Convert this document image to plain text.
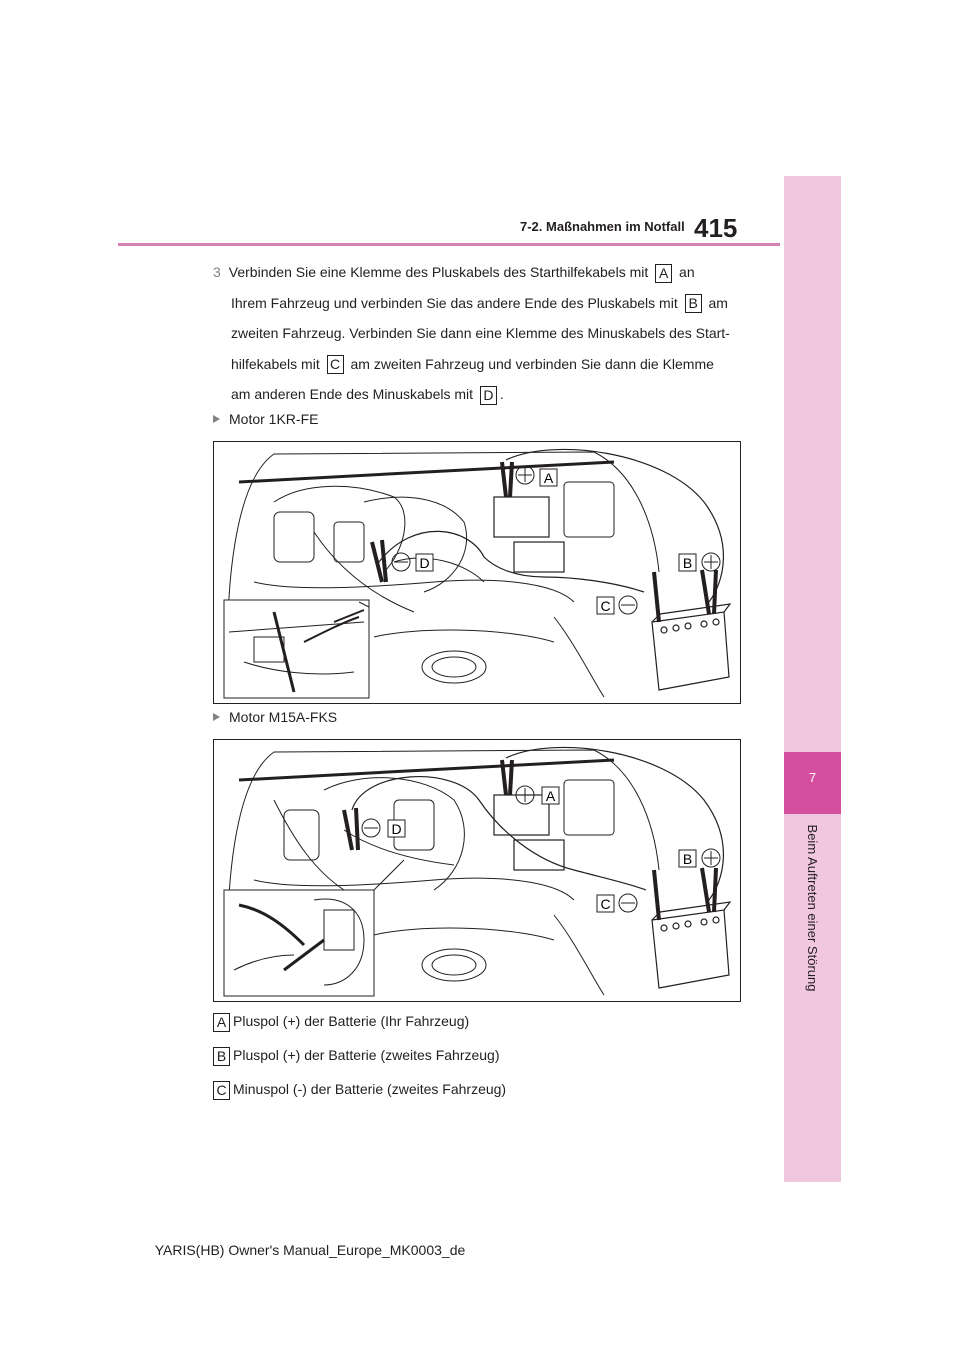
7-2. Maßnahmen im Notfall 415
7
Beim Auftreten einer Störung
3 Verbinden Sie eine Klemme des Pluskabels des Starthilfekabels mit A an
Ihrem Fahrzeug und verbinden Sie das andere Ende des Pluskabels mit B am
zweiten Fahrzeug. Verbinden Sie dann eine Klemme des Minuskabels des Start-
hilfekabels mit C am zweiten Fahrzeug und verbinden Sie dann die Klemme
am anderen Ende des Minuskabels mit D .
Motor 1KR-FE
A
D	B
C
Motor M15A-FKS
A
D
B
C
A Pluspol (+) der Batterie (Ihr Fahrzeug)
B Pluspol (+) der Batterie (zweites Fahrzeug)
C Minuspol (-) der Batterie (zweites Fahrzeug)
YARIS(HB) Owner's Manual_Europe_MK0003_de
